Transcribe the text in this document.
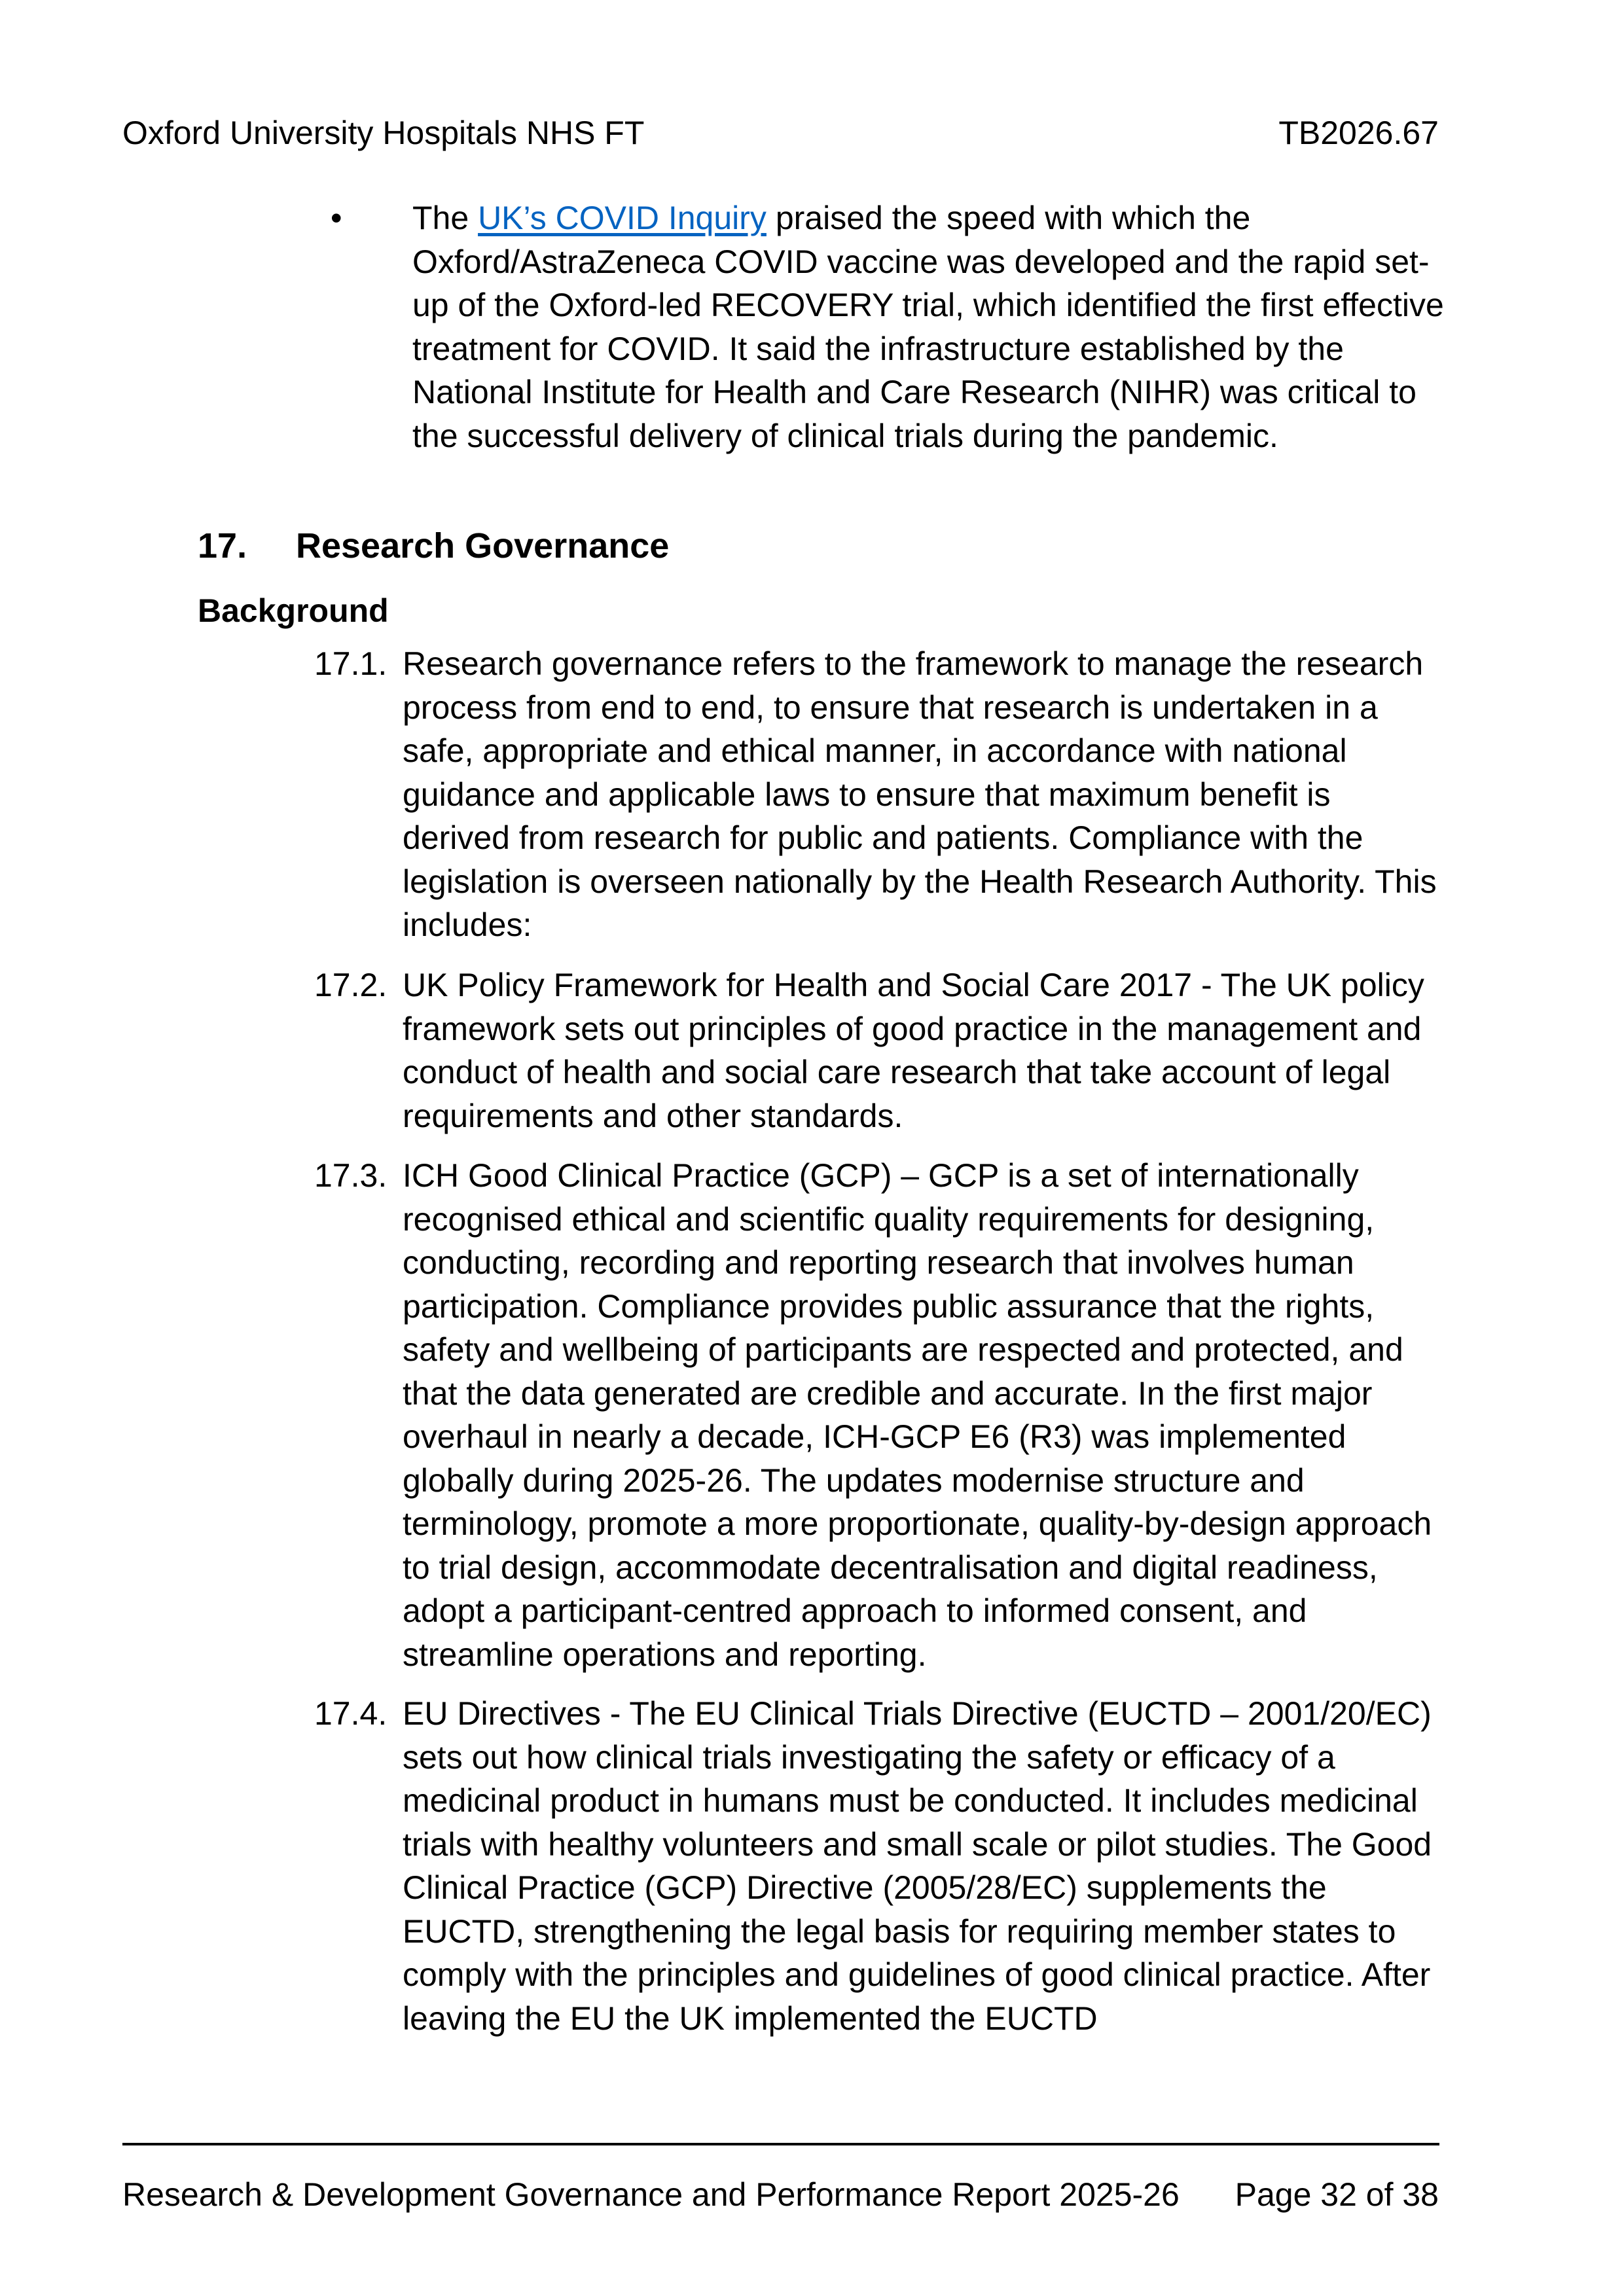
Oxford University Hospitals NHS FT	TB2026.67
• The UK’s COVID Inquiry praised the speed with which the Oxford/AstraZeneca COVID vaccine was developed and the rapid set-up of the Oxford-led RECOVERY trial, which identified the first effective treatment for COVID. It said the infrastructure established by the National Institute for Health and Care Research (NIHR) was critical to the successful delivery of clinical trials during the pandemic.
17. Research Governance
Background
17.1. Research governance refers to the framework to manage the research process from end to end, to ensure that research is undertaken in a safe, appropriate and ethical manner, in accordance with national guidance and applicable laws to ensure that maximum benefit is derived from research for public and patients. Compliance with the legislation is overseen nationally by the Health Research Authority. This includes:
17.2. UK Policy Framework for Health and Social Care 2017 - The UK policy framework sets out principles of good practice in the management and conduct of health and social care research that take account of legal requirements and other standards.
17.3. ICH Good Clinical Practice (GCP) – GCP is a set of internationally recognised ethical and scientific quality requirements for designing, conducting, recording and reporting research that involves human participation. Compliance provides public assurance that the rights, safety and wellbeing of participants are respected and protected, and that the data generated are credible and accurate. In the first major overhaul in nearly a decade, ICH-GCP E6 (R3) was implemented globally during 2025-26. The updates modernise structure and terminology, promote a more proportionate, quality-by-design approach to trial design, accommodate decentralisation and digital readiness, adopt a participant-centred approach to informed consent, and streamline operations and reporting.
17.4. EU Directives - The EU Clinical Trials Directive (EUCTD – 2001/20/EC) sets out how clinical trials investigating the safety or efficacy of a medicinal product in humans must be conducted. It includes medicinal trials with healthy volunteers and small scale or pilot studies. The Good Clinical Practice (GCP) Directive (2005/28/EC) supplements the EUCTD, strengthening the legal basis for requiring member states to comply with the principles and guidelines of good clinical practice. After leaving the EU the UK implemented the EUCTD
Research & Development Governance and Performance Report 2025-26 Page 32 of 38
